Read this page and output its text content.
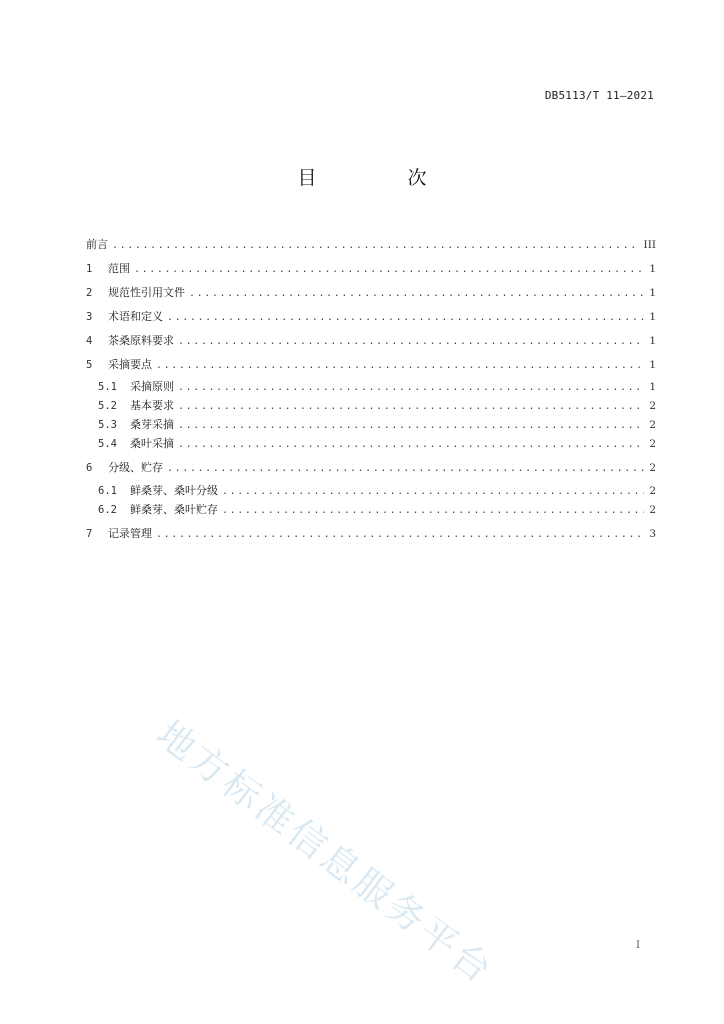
DB5113/T 11—2021
目　次
前言 .....	III
1	范围 .....	1
2	规范性引用文件 .....	1
3	术语和定义 .....	1
4	茶桑原料要求 .....	1
5	采摘要点 .....	1
5.1	采摘原则 .....	1
5.2	基本要求 .....	2
5.3	桑芽采摘 .....	2
5.4	桑叶采摘 .....	2
6	分级、贮存 .....	2
6.1	鲜桑芽、桑叶分级 .....	2
6.2	鲜桑芽、桑叶贮存 .....	2
7	记录管理 .....	3
地方标准信息服务平台	I
